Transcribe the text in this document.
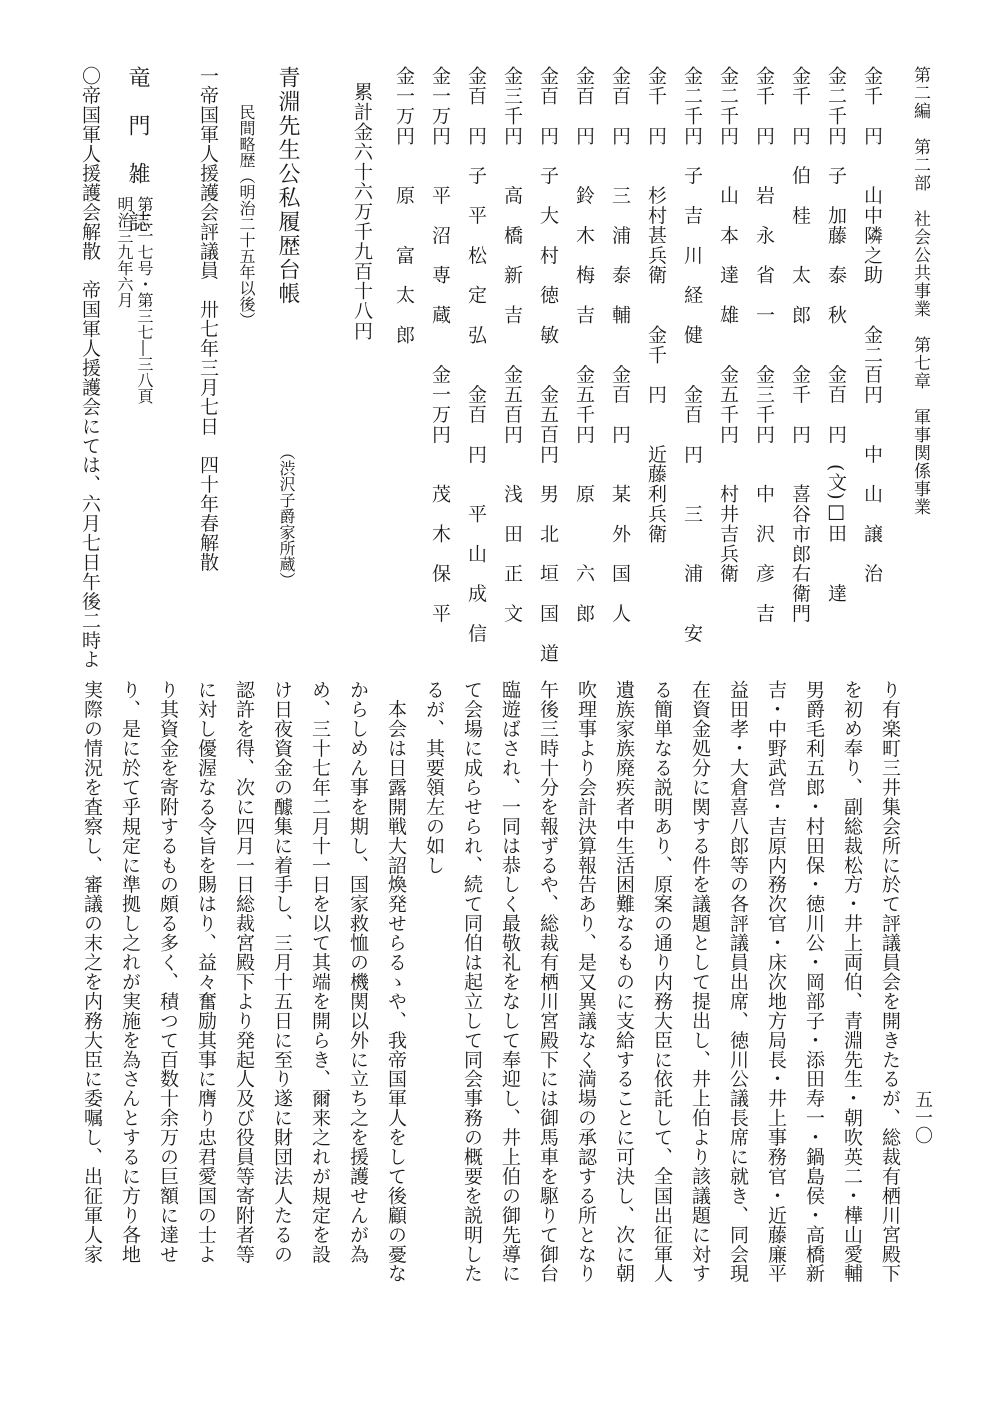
第二編　第二部　社会公共事業　第七章　軍事関係事業
五一〇
金千　円　　山中隣之助　　金二百円　　中　山　譲　治
金二千円　子　加藤　泰　秋　　金百　円　(文)□田　　達
金千　円　伯　桂　　太　郎　　金千　円　　喜谷市郎右衛門
金千　円　　岩　永　省　一　　金三千円　　中　沢　彦　吉
金二千円　　山　本　達　雄　　金五千円　　村井吉兵衛
金二千円　子　吉　川　経　健　　金百　円　　三　　浦　　安
金千　円　　杉村甚兵衛　　金千　円　　近藤利兵衛
金百　円　　三　浦　泰　輔　　金百　円　　某　外　国　人
金百　円　　鈴　木　梅　吉　　金五千円　　原　　　六　郎
金百　円　子　大　村　徳　敏　　金五百円　男　北　垣　国　道
金三千円　　高　橋　新　吉　　金五百円　　浅　田　正　文
金百　円　子　平　松　定　弘　　金百　円　　平　山　成　信
金一万円　　平　沼　専　蔵　　金一万円　　茂　木　保　平
金一万円　　原　　富　太　郎
累計金六十六万千九百十八円
青淵先生公私履歴台帳
（渋沢子爵家所蔵）
民間略歴（明治二十五年以後）
一帝国軍人援護会評議員　卅七年三月七日　四十年春解散
竜　門　雑　誌
第二一七号・第三七―三八頁
明治三九年六月
〇帝国軍人援護会解散　帝国軍人援護会にては、六月七日午後二時よ
り有楽町三井集会所に於て評議員会を開きたるが、総裁有栖川宮殿下
を初め奉り、副総裁松方・井上両伯、青淵先生・朝吹英二・樺山愛輔
男爵毛利五郎・村田保・徳川公・岡部子・添田寿一・鍋島侯・高橋新
吉・中野武営・吉原内務次官・床次地方局長・井上事務官・近藤廉平
益田孝・大倉喜八郎等の各評議員出席、徳川公議長席に就き、同会現
在資金処分に関する件を議題として提出し、井上伯より該議題に対す
る簡単なる説明あり、原案の通り内務大臣に依託して、全国出征軍人
遺族家族廃疾者中生活困難なるものに支給することに可決し、次に朝
吹理事より会計決算報告あり、是又異議なく満場の承認する所となり
午後三時十分を報ずるや、総裁有栖川宮殿下には御馬車を駆りて御台
臨遊ばされ、一同は恭しく最敬礼をなして奉迎し、井上伯の御先導に
て会場に成らせられ、続て同伯は起立して同会事務の概要を説明した
るが、其要領左の如し
　本会は日露開戦大詔煥発せらるゝや、我帝国軍人をして後顧の憂な
からしめん事を期し、国家救恤の機関以外に立ち之を援護せんが為
め、三十七年二月十一日を以て其端を開らき、爾来之れが規定を設
け日夜資金の醵集に着手し、三月十五日に至り遂に財団法人たるの
認許を得、次に四月一日総裁宮殿下より発起人及び役員等寄附者等
に対し優渥なる令旨を賜はり、益々奮励其事に膺り忠君愛国の士よ
り其資金を寄附するもの頗る多く、積つて百数十余万の巨額に達せ
り、是に於て乎規定に準拠し之れが実施を為さんとするに方り各地
実際の情況を査察し、審議の末之を内務大臣に委嘱し、出征軍人家
